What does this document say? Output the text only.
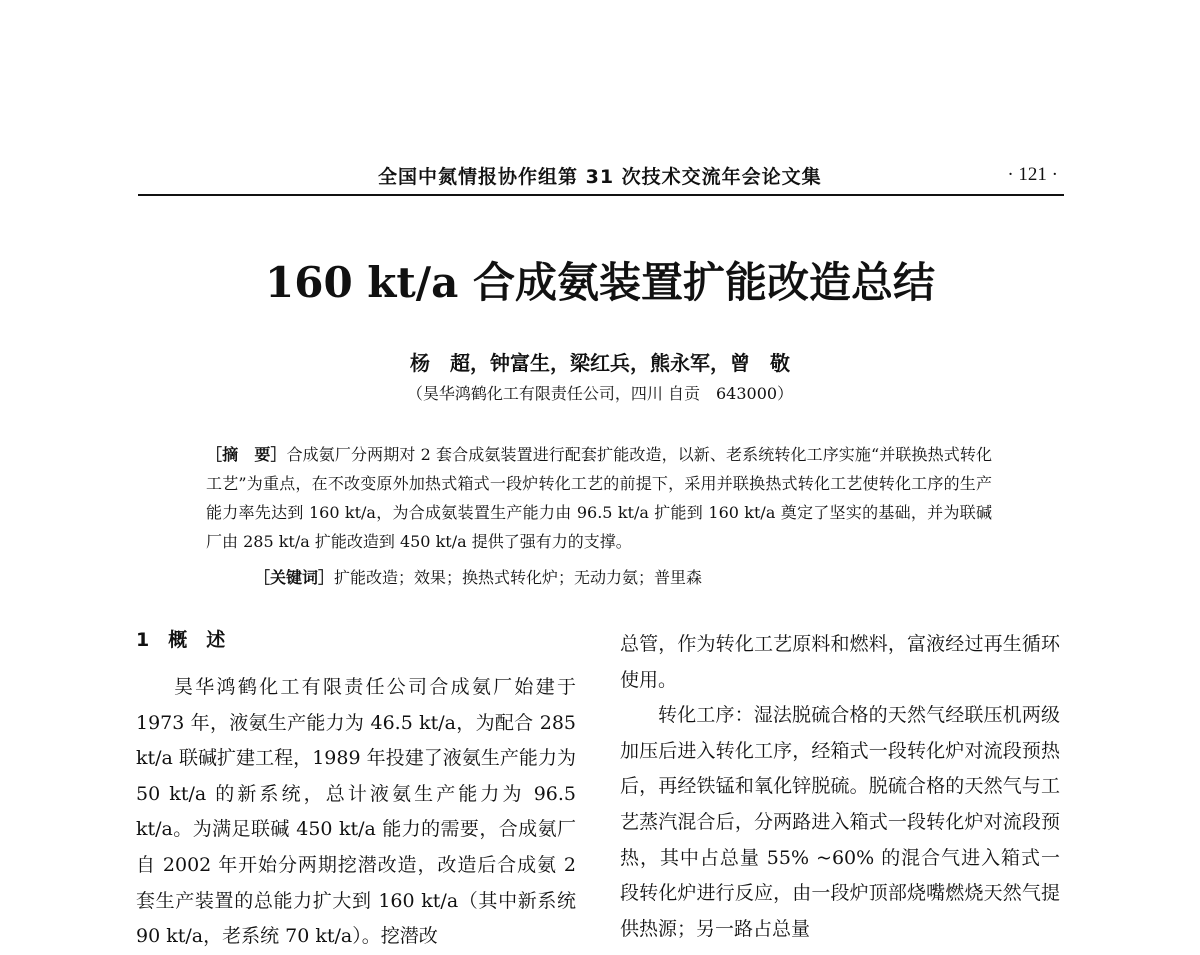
全国中氮情报协作组第 31 次技术交流年会论文集	· 121 ·
160 kt/a 合成氨装置扩能改造总结
杨　超，钟富生，梁红兵，熊永军，曾　敬
（昊华鸿鹤化工有限责任公司，四川 自贡　643000）
［摘　要］合成氨厂分两期对 2 套合成氨装置进行配套扩能改造，以新、老系统转化工序实施“并联换热式转化工艺”为重点，在不改变原外加热式箱式一段炉转化工艺的前提下，采用并联换热式转化工艺使转化工序的生产能力率先达到 160 kt/a，为合成氨装置生产能力由 96.5 kt/a 扩能到 160 kt/a 奠定了坚实的基础，并为联碱厂由 285 kt/a 扩能改造到 450 kt/a 提供了强有力的支撑。
［关键词］扩能改造；效果；换热式转化炉；无动力氨；普里森
1　概　述

昊华鸿鹤化工有限责任公司合成氨厂始建于 1973 年，液氨生产能力为 46.5 kt/a，为配合 285 kt/a 联碱扩建工程，1989 年投建了液氨生产能力为 50 kt/a 的新系统，总计液氨生产能力为 96.5 kt/a。为满足联碱 450 kt/a 能力的需要，合成氨厂自 2002 年开始分两期挖潜改造，改造后合成氨 2 套生产装置的总能力扩大到 160 kt/a（其中新系统 90 kt/a，老系统 70 kt/a）。挖潜改

总管，作为转化工艺原料和燃料，富液经过再生循环使用。

转化工序：湿法脱硫合格的天然气经联压机两级加压后进入转化工序，经箱式一段转化炉对流段预热后，再经铁锰和氧化锌脱硫。脱硫合格的天然气与工艺蒸汽混合后，分两路进入箱式一段转化炉对流段预热，其中占总量 55% ~60% 的混合气进入箱式一段转化炉进行反应，由一段炉顶部烧嘴燃烧天然气提供热源；另一路占总量
